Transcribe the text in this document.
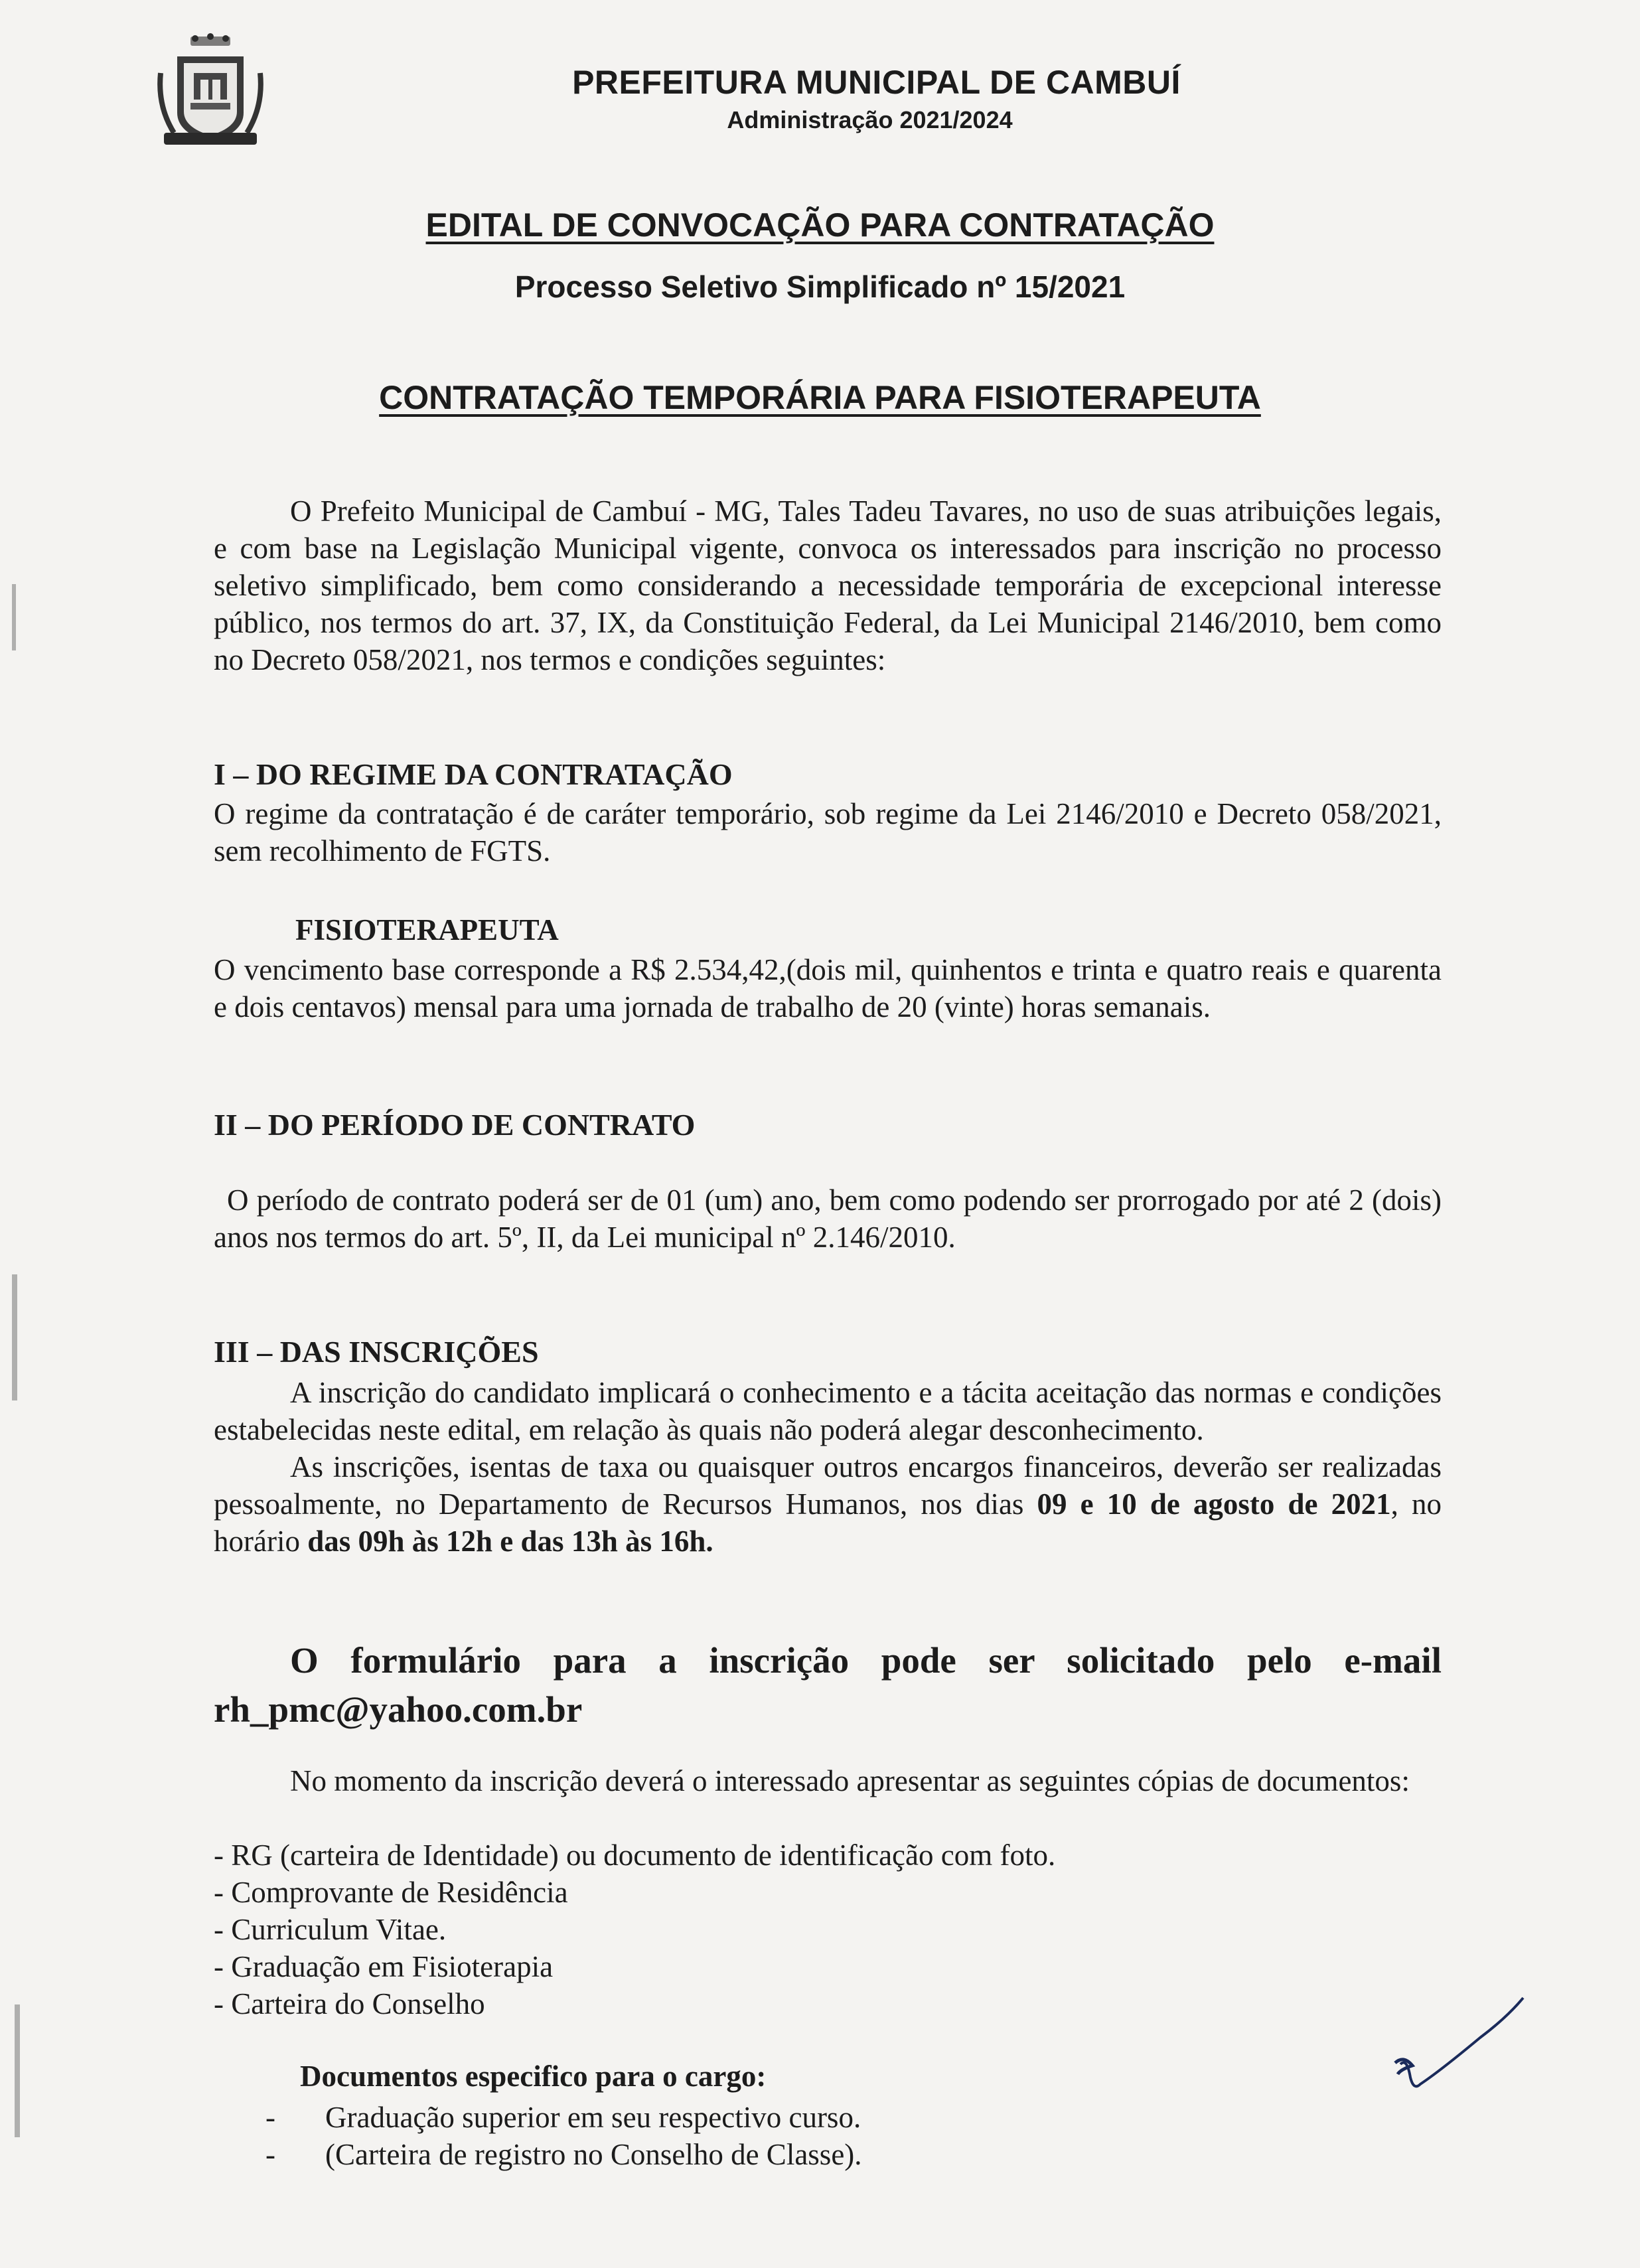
PREFEITURA MUNICIPAL DE CAMBUÍ
Administração 2021/2024
EDITAL DE CONVOCAÇÃO PARA CONTRATAÇÃO
Processo Seletivo Simplificado nº 15/2021
CONTRATAÇÃO TEMPORÁRIA PARA FISIOTERAPEUTA

O Prefeito Municipal de Cambuí - MG, Tales Tadeu Tavares, no uso de suas atribuições legais, e com base na Legislação Municipal vigente, convoca os interessados para inscrição no processo seletivo simplificado, bem como considerando a necessidade temporária de excepcional interesse público, nos termos do art. 37, IX, da Constituição Federal, da Lei Municipal 2146/2010, bem como no Decreto 058/2021, nos termos e condições seguintes:

I – DO REGIME DA CONTRATAÇÃO

O regime da contratação é de caráter temporário, sob regime da Lei 2146/2010 e Decreto 058/2021, sem recolhimento de FGTS.

FISIOTERAPEUTA

O vencimento base corresponde a R$ 2.534,42,(dois mil, quinhentos e trinta e quatro reais e quarenta e dois centavos) mensal para uma jornada de trabalho de 20 (vinte) horas semanais.

II – DO PERÍODO DE CONTRATO

O período de contrato poderá ser de 01 (um) ano, bem como podendo ser prorrogado por até 2 (dois) anos nos termos do art. 5º, II, da Lei municipal nº 2.146/2010.

III – DAS INSCRIÇÕES

A inscrição do candidato implicará o conhecimento e a tácita aceitação das normas e condições estabelecidas neste edital, em relação às quais não poderá alegar desconhecimento.

As inscrições, isentas de taxa ou quaisquer outros encargos financeiros, deverão ser realizadas pessoalmente, no Departamento de Recursos Humanos, nos dias 09 e 10 de agosto de 2021, no horário das 09h às 12h e das 13h às 16h.

O formulário para a inscrição pode ser solicitado pelo e-mail rh_pmc@yahoo.com.br

No momento da inscrição deverá o interessado apresentar as seguintes cópias de documentos:

- RG (carteira de Identidade) ou documento de identificação com foto.
- Comprovante de Residência
- Curriculum Vitae.
- Graduação em Fisioterapia
- Carteira do Conselho
Documentos especifico para o cargo:
-	Graduação superior em seu respectivo curso.
-	(Carteira de registro no Conselho de Classe).
